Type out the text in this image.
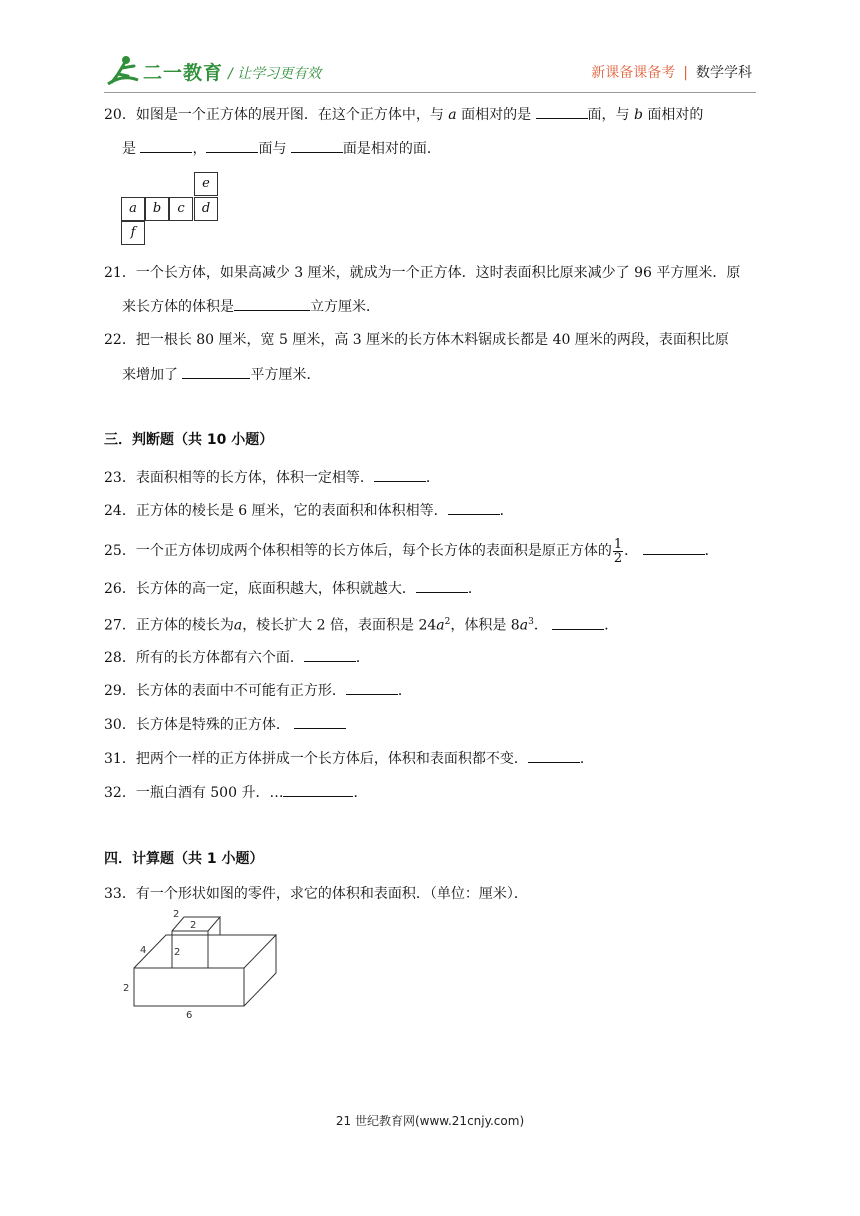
二一教育 / 让学习更有效	新课备课备考 | 数学学科
20．如图是一个正方体的展开图．在这个正方体中，与 a 面相对的是	面，与 b 面相对的
是	，	面与	面是相对的面．
e
a	b	c	d
f
21．一个长方体，如果高减少 3 厘米，就成为一个正方体．这时表面积比原来减少了 96 平方厘米．原
来长方体的体积是	立方厘米．
22．把一根长 80 厘米，宽 5 厘米，高 3 厘米的长方体木料锯成长都是 40 厘米的两段，表面积比原
来增加了	平方厘米．
三．判断题（共 10 小题）
23．表面积相等的长方体，体积一定相等．	．
24．正方体的棱长是 6 厘米，它的表面积和体积相等．	．
25．一个正方体切成两个体积相等的长方体后，每个长方体的表面积是原正方体的 $\frac{1}{2}$ ．	．
26．长方体的高一定，底面积越大，体积就越大．	．
27．正方体的棱长为a，棱长扩大 2 倍，表面积是 $24a^2$，体积是 $8a^3$．	．
28．所有的长方体都有六个面．	．
29．长方体的表面中不可能有正方形．	．
30．长方体是特殊的正方体．
31．把两个一样的正方体拼成一个长方体后，体积和表面积都不变．	．
32．一瓶白酒有 500 升．…	．
四．计算题（共 1 小题）
33．有一个形状如图的零件，求它的体积和表面积．（单位：厘米）．
2
2
2
4
2
6
21 世纪教育网(www.21cnjy.com)
